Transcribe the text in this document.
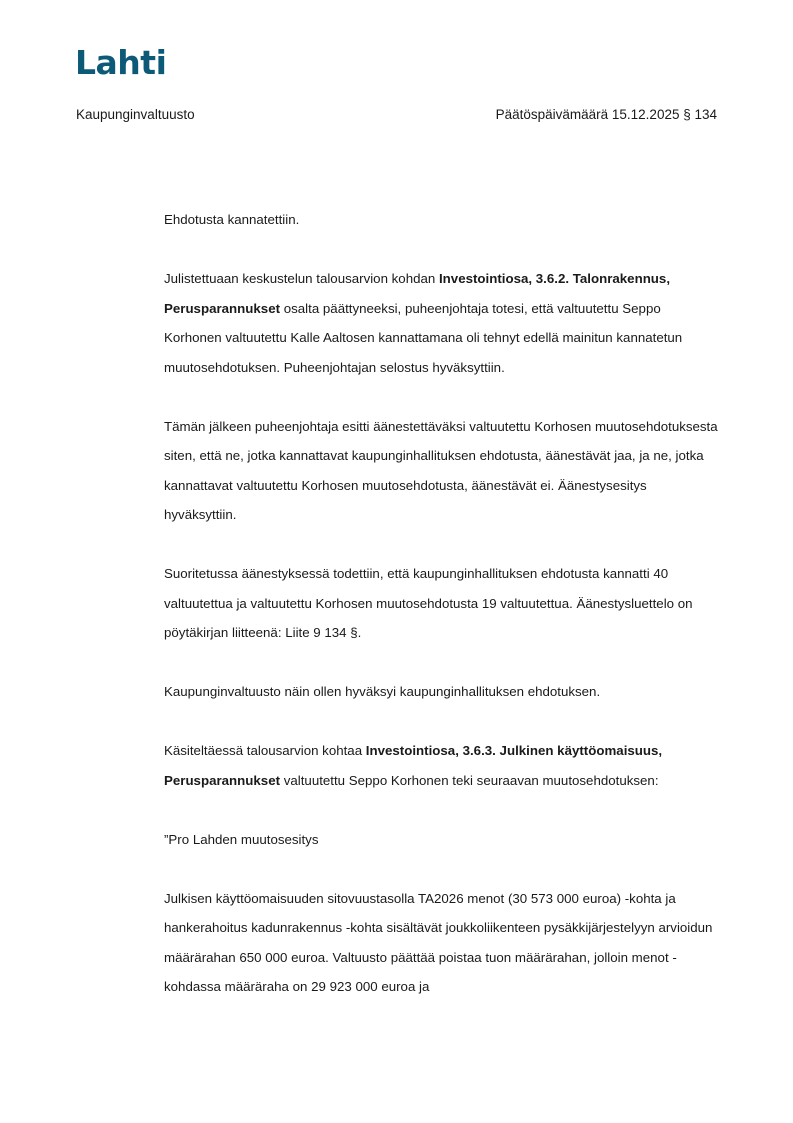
Lahti
Kaupunginvaltuusto	Päätöspäivämäärä 15.12.2025 § 134

Ehdotusta kannatettiin.

Julistettuaan keskustelun talousarvion kohdan Investointiosa, 3.6.2. Talonrakennus, Perusparannukset osalta päättyneeksi, puheenjohtaja totesi, että valtuutettu Seppo Korhonen valtuutettu Kalle Aaltosen kannattamana oli tehnyt edellä mainitun kannatetun muutosehdotuksen. Puheenjohtajan selostus hyväksyttiin.

Tämän jälkeen puheenjohtaja esitti äänestettäväksi valtuutettu Korhosen muutosehdotuksesta siten, että ne, jotka kannattavat kaupunginhallituksen ehdotusta, äänestävät jaa, ja ne, jotka kannattavat valtuutettu Korhosen muutosehdotusta, äänestävät ei. Äänestysesitys hyväksyttiin.

Suoritetussa äänestyksessä todettiin, että kaupunginhallituksen ehdotusta kannatti 40 valtuutettua ja valtuutettu Korhosen muutosehdotusta 19 valtuutettua. Äänestysluettelo on pöytäkirjan liitteenä: Liite 9 134 §.

Kaupunginvaltuusto näin ollen hyväksyi kaupunginhallituksen ehdotuksen.

Käsiteltäessä talousarvion kohtaa Investointiosa, 3.6.3. Julkinen käyttöomaisuus, Perusparannukset valtuutettu Seppo Korhonen teki seuraavan muutosehdotuksen:

”Pro Lahden muutosesitys

Julkisen käyttöomaisuuden sitovuustasolla TA2026 menot (30 573 000 euroa) -kohta ja hankerahoitus kadunrakennus -kohta sisältävät joukkoliikenteen pysäkkijärjestelyyn arvioidun määrärahan 650 000 euroa. Valtuusto päättää poistaa tuon määrärahan, jolloin menot -kohdassa määräraha on 29 923 000 euroa ja
